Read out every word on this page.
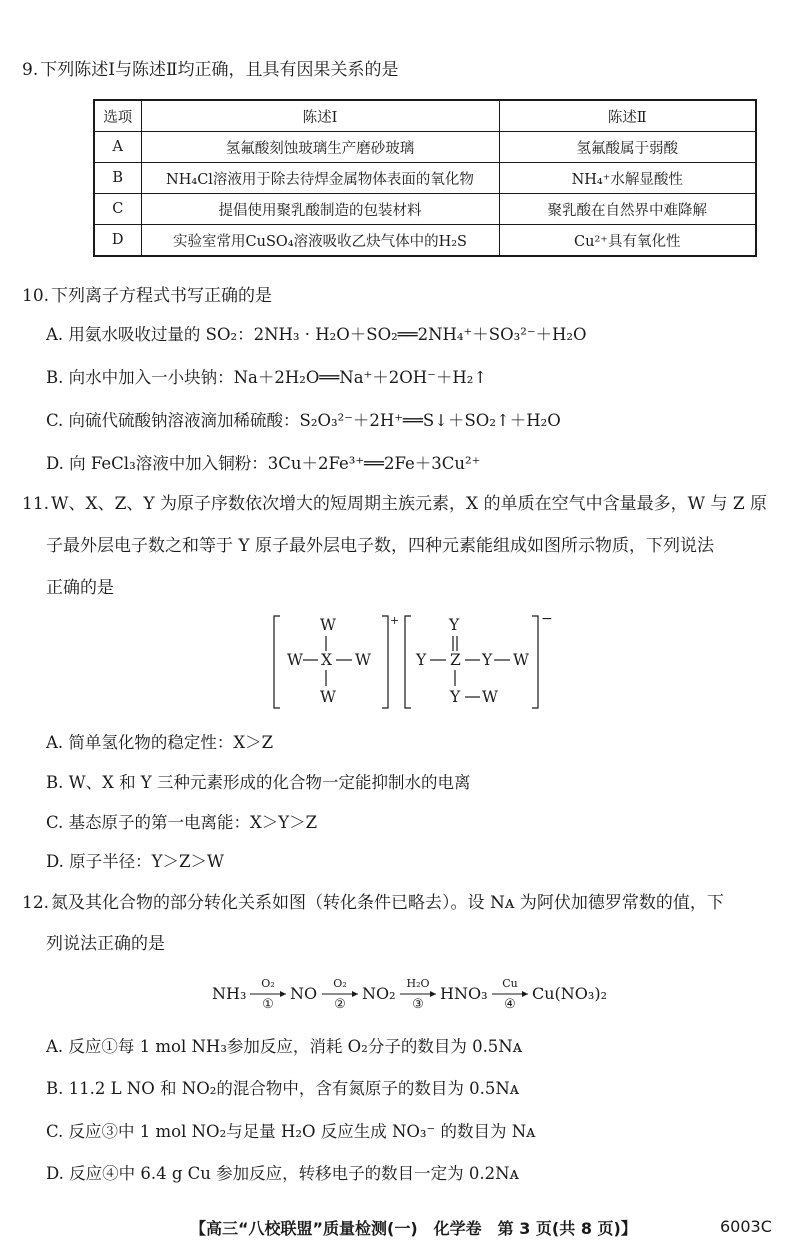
9. 下列陈述Ⅰ与陈述Ⅱ均正确，且具有因果关系的是
选项	陈述Ⅰ	陈述Ⅱ
A	氢氟酸刻蚀玻璃生产磨砂玻璃	氢氟酸属于弱酸
B	NH₄Cl溶液用于除去待焊金属物体表面的氧化物	NH₄⁺水解显酸性
C	提倡使用聚乳酸制造的包装材料	聚乳酸在自然界中难降解
D	实验室常用CuSO₄溶液吸收乙炔气体中的H₂S	Cu²⁺具有氧化性
10. 下列离子方程式书写正确的是
A. 用氨水吸收过量的 SO₂：2NH₃ · H₂O＋SO₂══2NH₄⁺＋SO₃²⁻＋H₂O
B. 向水中加入一小块钠：Na＋2H₂O══Na⁺＋2OH⁻＋H₂↑
C. 向硫代硫酸钠溶液滴加稀硫酸：S₂O₃²⁻＋2H⁺══S↓＋SO₂↑＋H₂O
D. 向 FeCl₃溶液中加入铜粉：3Cu＋2Fe³⁺══2Fe＋3Cu²⁺
11. W、X、Z、Y 为原子序数依次增大的短周期主族元素，X 的单质在空气中含量最多，W 与 Z 原
子最外层电子数之和等于 Y 原子最外层电子数，四种元素能组成如图所示物质，下列说法
正确的是
W
W X W
W
+	Y
Y Z Y W
Y W
−
A. 简单氢化物的稳定性：X＞Z
B. W、X 和 Y 三种元素形成的化合物一定能抑制水的电离
C. 基态原子的第一电离能：X＞Y＞Z
D. 原子半径：Y＞Z＞W
12. 氮及其化合物的部分转化关系如图（转化条件已略去）。设 Nᴀ 为阿伏加德罗常数的值，下
列说法正确的是
NH₃	NO	NO₂	HNO₃	Cu(NO₃)₂
O₂	O₂	H₂O	Cu
①	②	③	④
A. 反应①每 1 mol NH₃参加反应，消耗 O₂分子的数目为 0.5Nᴀ
B. 11.2 L NO 和 NO₂的混合物中，含有氮原子的数目为 0.5Nᴀ
C. 反应③中 1 mol NO₂与足量 H₂O 反应生成 NO₃⁻ 的数目为 Nᴀ
D. 反应④中 6.4 g Cu 参加反应，转移电子的数目一定为 0.2Nᴀ
【高三“八校联盟”质量检测(一)　化学卷　第 3 页(共 8 页)】	6003C
